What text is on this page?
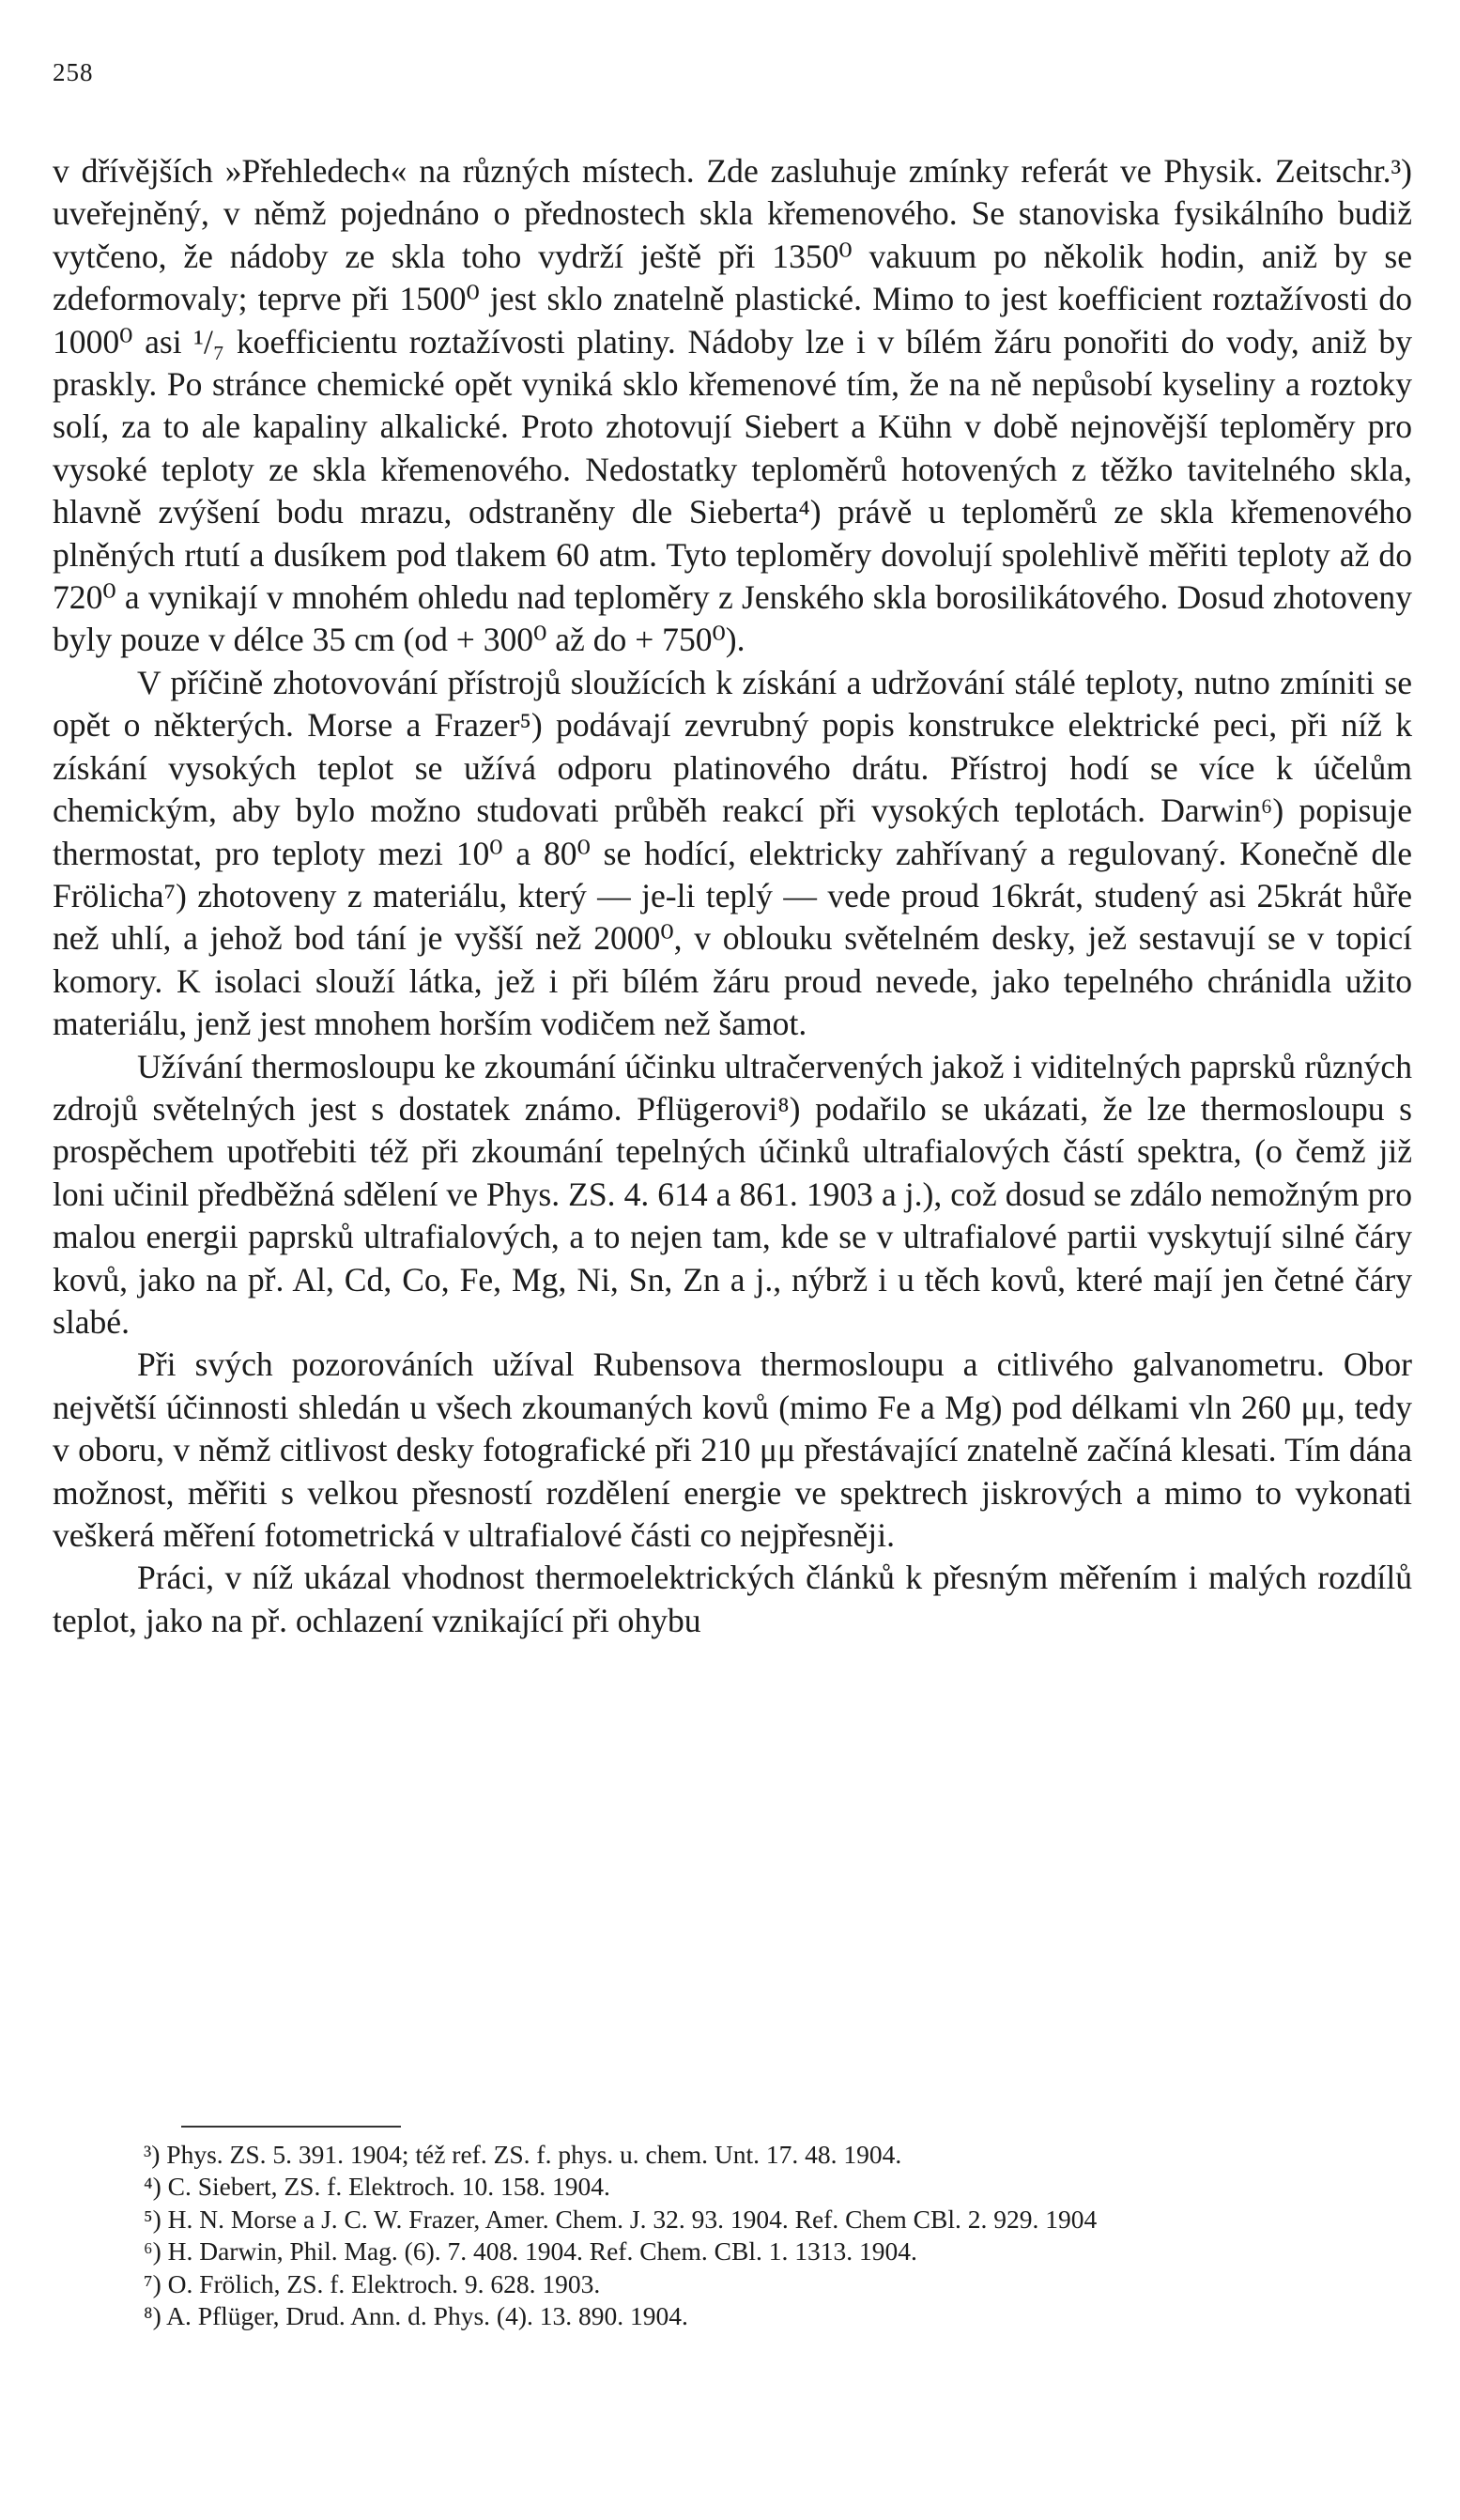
258

v dřívějších »Přehledech« na různých místech. Zde zasluhuje zmínky referát ve Physik. Zeitschr.³) uveřejněný, v němž pojednáno o přednostech skla křemenového. Se stanoviska fysikálního budiž vytčeno, že nádoby ze skla toho vydrží ještě při 1350⁰ vakuum po několik hodin, aniž by se zdeformovaly; teprve při 1500⁰ jest sklo znatelně plastické. Mimo to jest koefficient roztažívosti do 1000⁰ asi ¹/₇ koefficientu roztažívosti platiny. Nádoby lze i v bílém žáru ponořiti do vody, aniž by praskly. Po stránce chemické opět vyniká sklo křemenové tím, že na ně nepůsobí kyseliny a roztoky solí, za to ale kapaliny alkalické. Proto zhotovují Siebert a Kühn v době nejnovější teploměry pro vysoké teploty ze skla křemenového. Nedostatky teploměrů hotovených z těžko tavitelného skla, hlavně zvýšení bodu mrazu, odstraněny dle Sieberta⁴) právě u teploměrů ze skla křemenového plněných rtutí a dusíkem pod tlakem 60 atm. Tyto teploměry dovolují spolehlivě měřiti teploty až do 720⁰ a vynikají v mnohém ohledu nad teploměry z Jenského skla borosilikátového. Dosud zhotoveny byly pouze v délce 35 cm (od + 300⁰ až do + 750⁰).

V příčině zhotovování přístrojů sloužících k získání a udržování stálé teploty, nutno zmíniti se opět o některých. Morse a Frazer⁵) podávají zevrubný popis konstrukce elektrické peci, při níž k získání vysokých teplot se užívá odporu platinového drátu. Přístroj hodí se více k účelům chemickým, aby bylo možno studovati průběh reakcí při vysokých teplotách. Darwin⁶) popisuje thermostat, pro teploty mezi 10⁰ a 80⁰ se hodící, elektricky zahřívaný a regulovaný. Konečně dle Frölicha⁷) zhotoveny z materiálu, který — je-li teplý — vede proud 16krát, studený asi 25krát hůře než uhlí, a jehož bod tání je vyšší než 2000⁰, v oblouku světelném desky, jež sestavují se v topicí komory. K isolaci slouží látka, jež i při bílém žáru proud nevede, jako tepelného chránidla užito materiálu, jenž jest mnohem horším vodičem než šamot.

Užívání thermosloupu ke zkoumání účinku ultračervených jakož i viditelných paprsků různých zdrojů světelných jest s dostatek známo. Pflügerovi⁸) podařilo se ukázati, že lze thermosloupu s prospěchem upotřebiti též při zkoumání tepelných účinků ultrafialových částí spektra, (o čemž již loni učinil předběžná sdělení ve Phys. ZS. 4. 614 a 861. 1903 a j.), což dosud se zdálo nemožným pro malou energii paprsků ultrafialových, a to nejen tam, kde se v ultrafialové partii vyskytují silné čáry kovů, jako na př. Al, Cd, Co, Fe, Mg, Ni, Sn, Zn a j., nýbrž i u těch kovů, které mají jen četné čáry slabé.

Při svých pozorováních užíval Rubensova thermosloupu a citlivého galvanometru. Obor největší účinnosti shledán u všech zkoumaných kovů (mimo Fe a Mg) pod délkami vln 260 μμ, tedy v oboru, v němž citlivost desky fotografické při 210 μμ přestávající znatelně začíná klesati. Tím dána možnost, měřiti s velkou přesností rozdělení energie ve spektrech jiskrových a mimo to vykonati veškerá měření fotometrická v ultrafialové části co nejpřesněji.

Práci, v níž ukázal vhodnost thermoelektrických článků k přesným měřením i malých rozdílů teplot, jako na př. ochlazení vznikající při ohybu

³) Phys. ZS. 5. 391. 1904; též ref. ZS. f. phys. u. chem. Unt. 17. 48. 1904.

⁴) C. Siebert, ZS. f. Elektroch. 10. 158. 1904.

⁵) H. N. Morse a J. C. W. Frazer, Amer. Chem. J. 32. 93. 1904. Ref. Chem CBl. 2. 929. 1904

⁶) H. Darwin, Phil. Mag. (6). 7. 408. 1904. Ref. Chem. CBl. 1. 1313. 1904.

⁷) O. Frölich, ZS. f. Elektroch. 9. 628. 1903.

⁸) A. Pflüger, Drud. Ann. d. Phys. (4). 13. 890. 1904.
